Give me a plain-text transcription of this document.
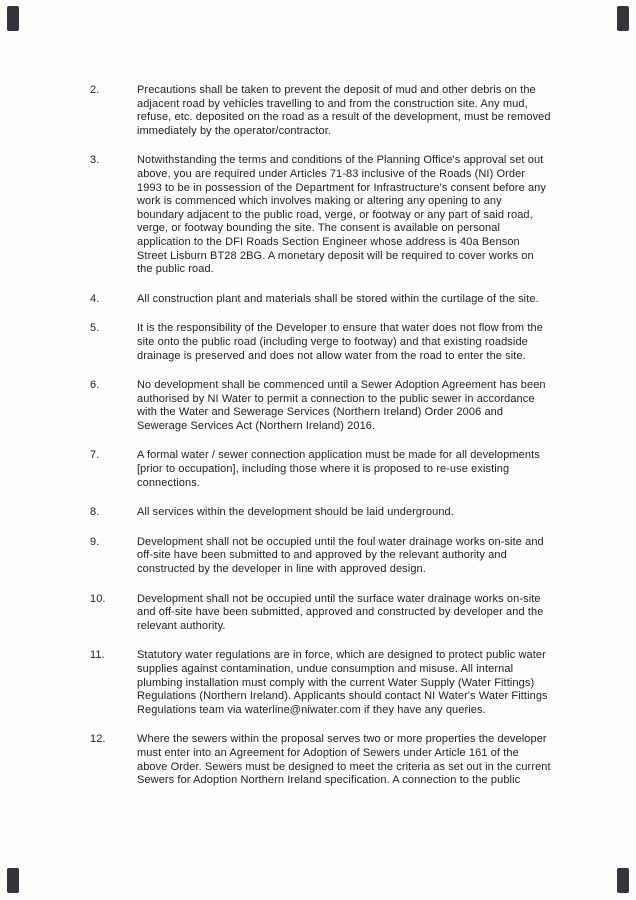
2.	Precautions shall be taken to prevent the deposit of mud and other debris on the
adjacent road by vehicles travelling to and from the construction site. Any mud,
refuse, etc. deposited on the road as a result of the development, must be removed
immediately by the operator/contractor.
3.	Notwithstanding the terms and conditions of the Planning Office's approval set out
above, you are required under Articles 71-83 inclusive of the Roads (NI) Order
1993 to be in possession of the Department for Infrastructure's consent before any
work is commenced which involves making or altering any opening to any
boundary adjacent to the public road, verge, or footway or any part of said road,
verge, or footway bounding the site. The consent is available on personal
application to the DFI Roads Section Engineer whose address is 40a Benson
Street Lisburn BT28 2BG. A monetary deposit will be required to cover works on
the public road.
4.	All construction plant and materials shall be stored within the curtilage of the site.
5.	It is the responsibility of the Developer to ensure that water does not flow from the
site onto the public road (including verge to footway) and that existing roadside
drainage is preserved and does not allow water from the road to enter the site.
6.	No development shall be commenced until a Sewer Adoption Agreement has been
authorised by NI Water to permit a connection to the public sewer in accordance
with the Water and Sewerage Services (Northern Ireland) Order 2006 and
Sewerage Services Act (Northern Ireland) 2016.
7.	A formal water / sewer connection application must be made for all developments
[prior to occupation], including those where it is proposed to re-use existing
connections.
8.	All services within the development should be laid underground.
9.	Development shall not be occupied until the foul water drainage works on-site and
off-site have been submitted to and approved by the relevant authority and
constructed by the developer in line with approved design.
10.	Development shall not be occupied until the surface water drainage works on-site
and off-site have been submitted, approved and constructed by developer and the
relevant authority.
11.	Statutory water regulations are in force, which are designed to protect public water
supplies against contamination, undue consumption and misuse. All internal
plumbing installation must comply with the current Water Supply (Water Fittings)
Regulations (Northern Ireland). Applicants should contact NI Water's Water Fittings
Regulations team via waterline@niwater.com if they have any queries.
12.	Where the sewers within the proposal serves two or more properties the developer
must enter into an Agreement for Adoption of Sewers under Article 161 of the
above Order. Sewers must be designed to meet the criteria as set out in the current
Sewers for Adoption Northern Ireland specification. A connection to the public
